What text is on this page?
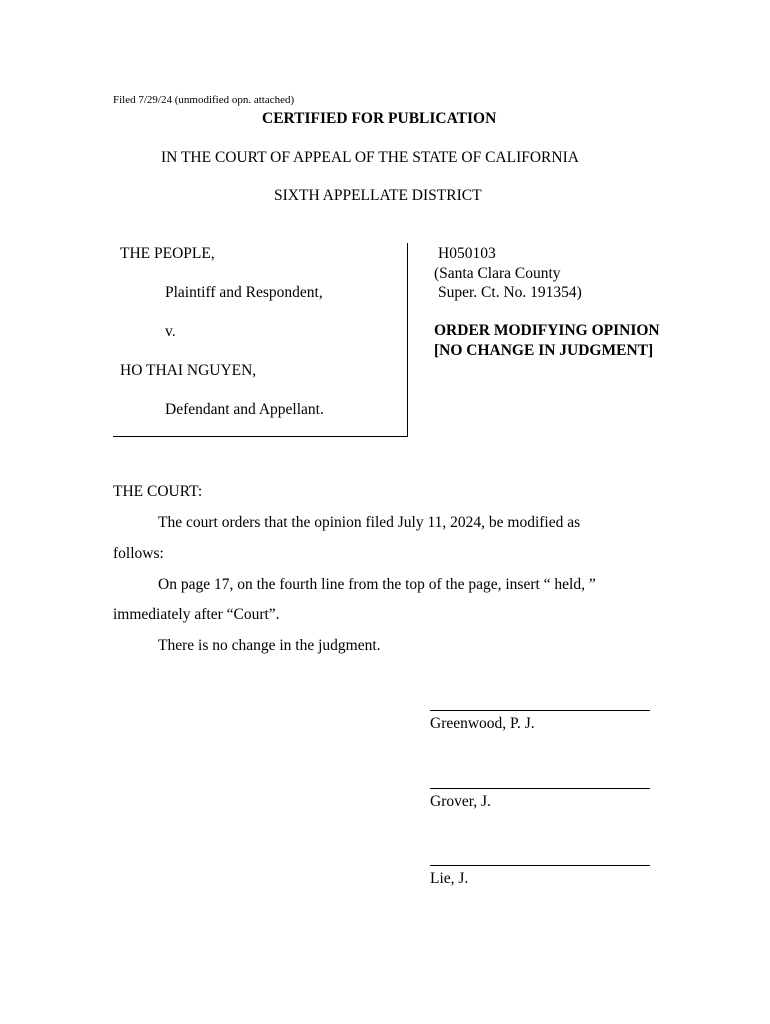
Filed 7/29/24 (unmodified opn. attached)
CERTIFIED FOR PUBLICATION
IN THE COURT OF APPEAL OF THE STATE OF CALIFORNIA
SIXTH APPELLATE DISTRICT
THE PEOPLE,
Plaintiff and Respondent,
v.
HO THAI NGUYEN,
Defendant and Appellant.
H050103
(Santa Clara County
Super. Ct. No. 191354)
ORDER MODIFYING OPINION
[NO CHANGE IN JUDGMENT]
THE COURT:
The court orders that the opinion filed July 11, 2024, be modified as
follows:
On page 17, on the fourth line from the top of the page, insert “ held, ”
immediately after “Court”.
There is no change in the judgment.
Greenwood, P. J.
Grover, J.
Lie, J.
